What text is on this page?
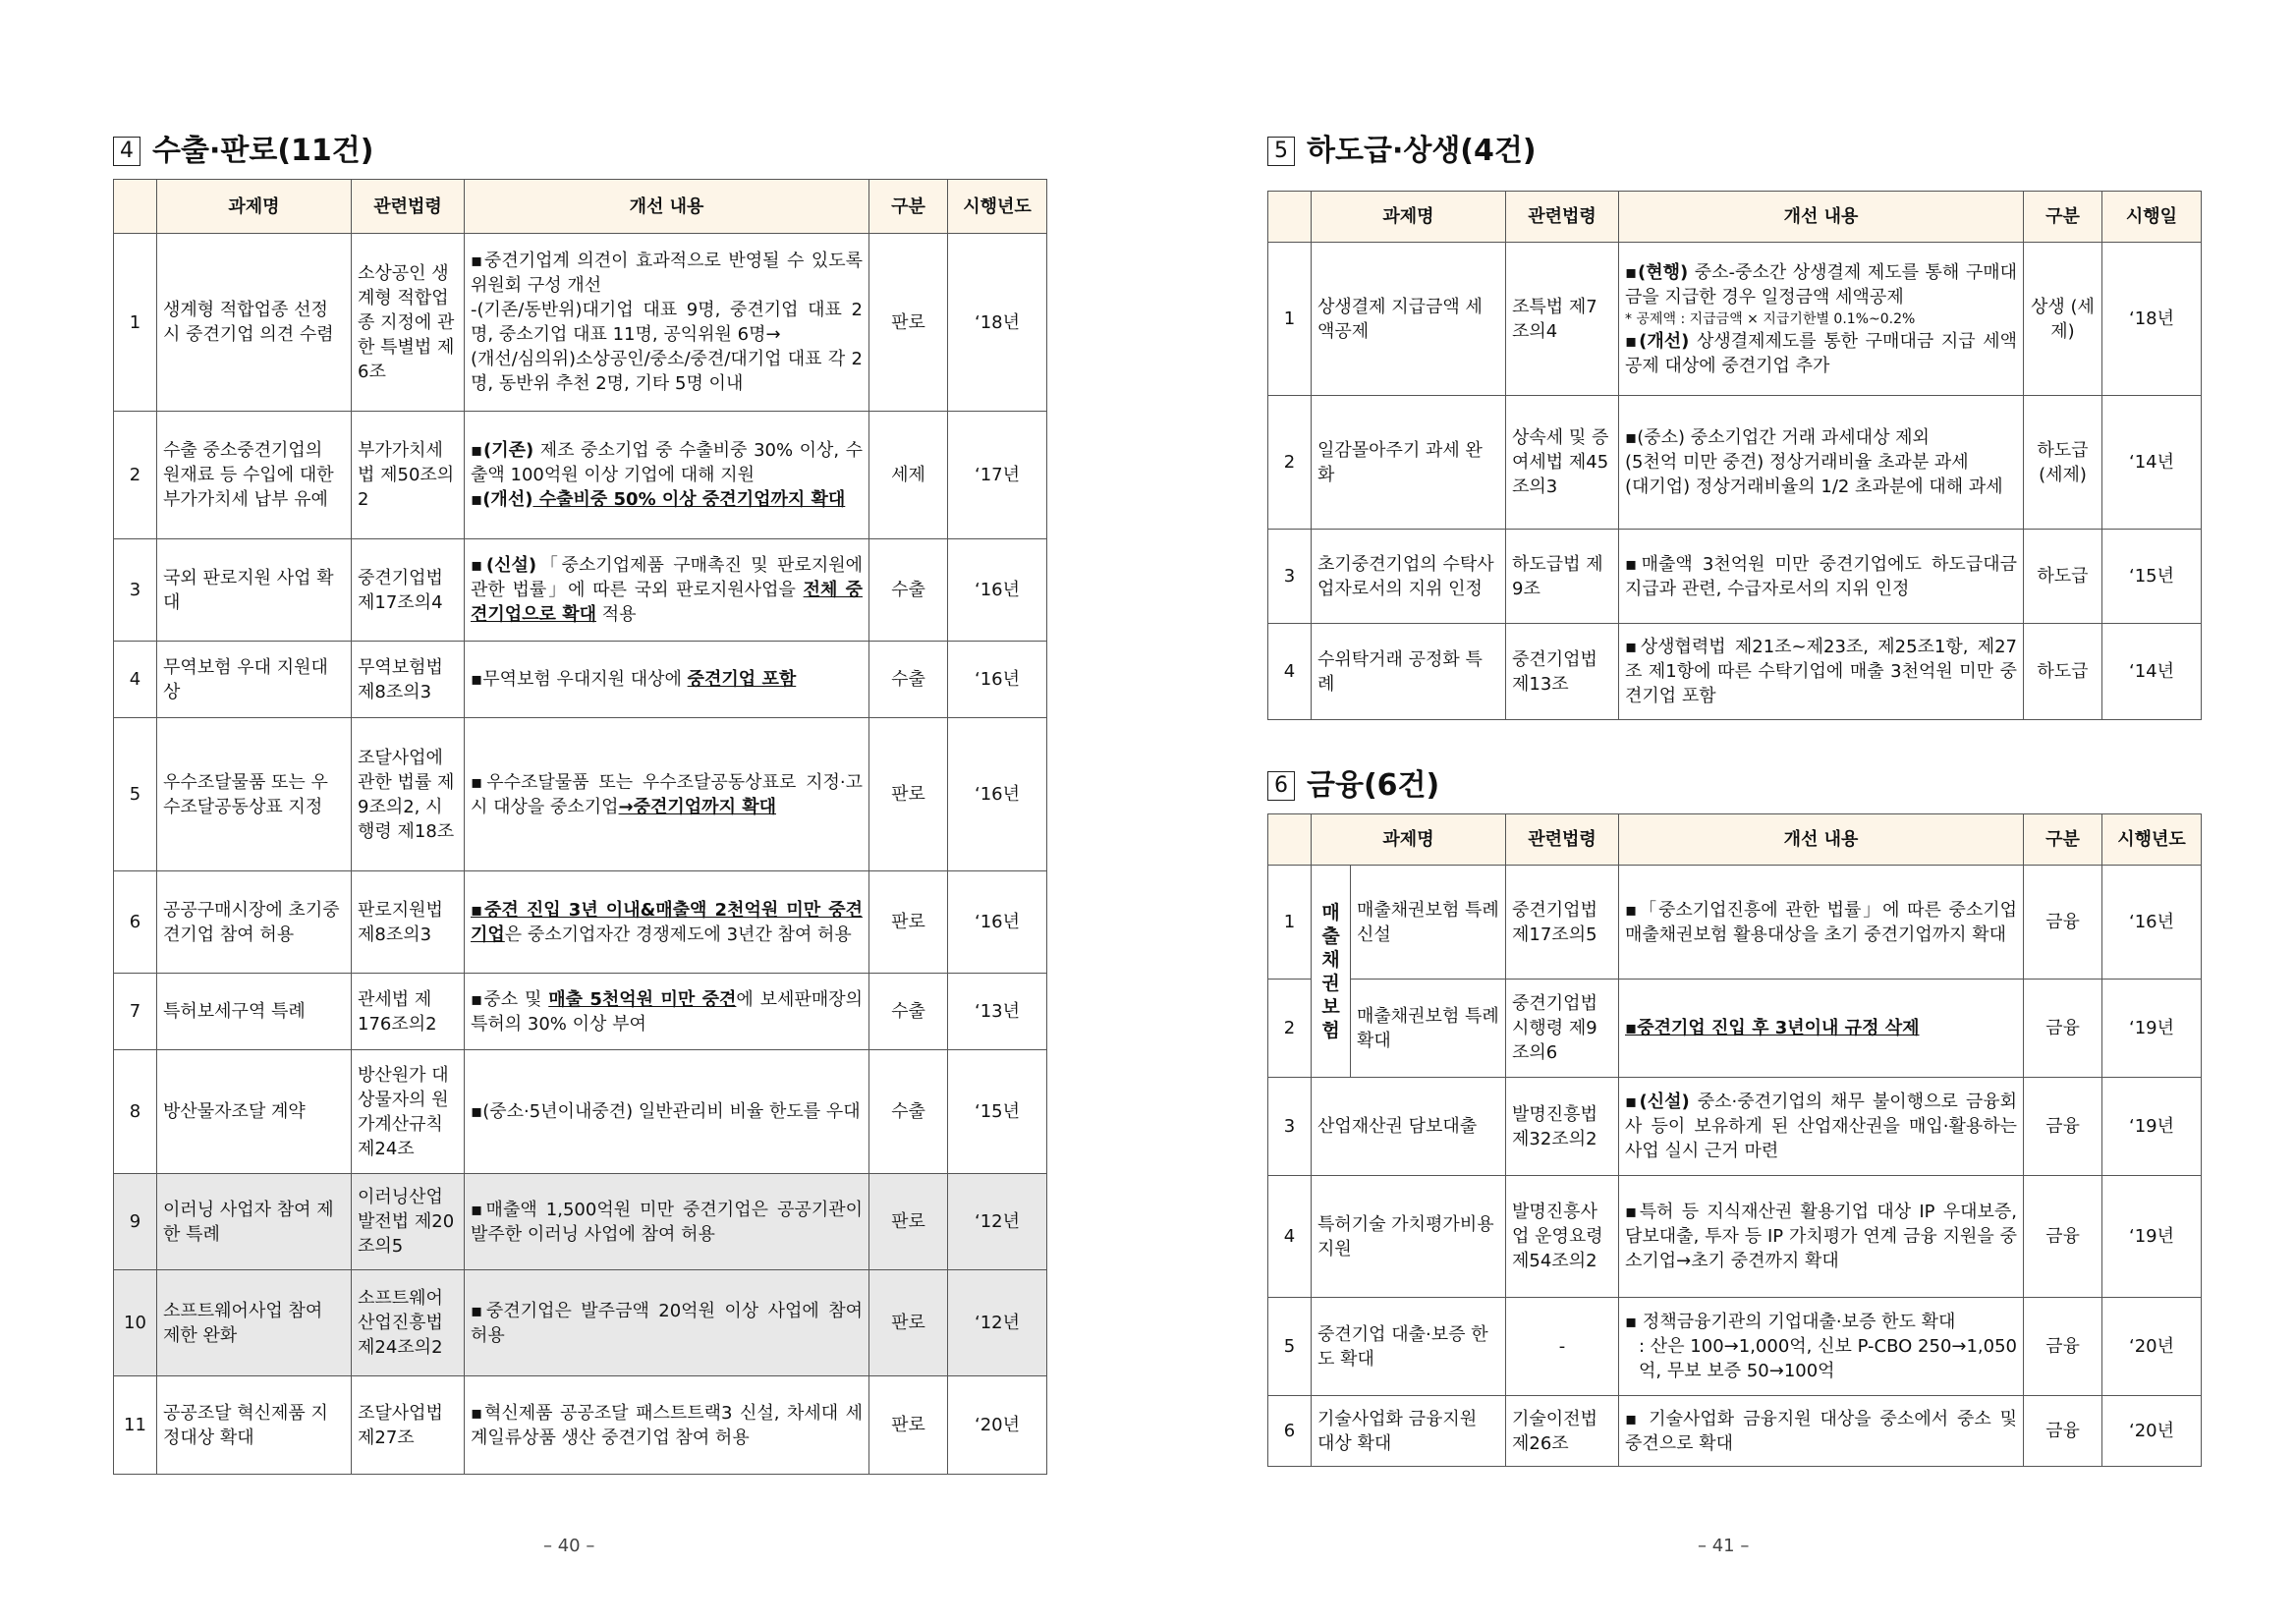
4 수출·판로(11건)
	과제명	관련법령	개선 내용	구분	시행년도
1	생계형 적합업종 선정 시 중견기업 의견 수렴	소상공인 생계형 적합업종 지정에 관한 특별법 제6조	▪중견기업계 의견이 효과적으로 반영될 수 있도록 위원회 구성 개선
-(기존/동반위)대기업 대표 9명, 중견기업 대표 2명, 중소기업 대표 11명, 공익위원 6명→
(개선/심의위)소상공인/중소/중견/대기업 대표 각 2명, 동반위 추천 2명, 기타 5명 이내	판로	‘18년
2	수출 중소중견기업의 원재료 등 수입에 대한 부가가치세 납부 유예	부가가치세법 제50조의2	▪(기존) 제조 중소기업 중 수출비중 30% 이상, 수출액 100억원 이상 기업에 대해 지원
▪(개선) 수출비중 50% 이상 중견기업까지 확대	세제	‘17년
3	국외 판로지원 사업 확대	중견기업법 제17조의4	▪(신설)「중소기업제품 구매촉진 및 판로지원에 관한 법률」에 따른 국외 판로지원사업을 전체 중견기업으로 확대 적용	수출	‘16년
4	무역보험 우대 지원대상	무역보험법 제8조의3	▪무역보험 우대지원 대상에 중견기업 포함	수출	‘16년
5	우수조달물품 또는 우수조달공동상표 지정	조달사업에 관한 법률 제9조의2, 시행령 제18조	▪우수조달물품 또는 우수조달공동상표로 지정·고시 대상을 중소기업→중견기업까지 확대	판로	‘16년
6	공공구매시장에 초기중견기업 참여 허용	판로지원법 제8조의3	▪중견 진입 3년 이내&매출액 2천억원 미만 중견기업은 중소기업자간 경쟁제도에 3년간 참여 허용	판로	‘16년
7	특허보세구역 특례	관세법 제176조의2	▪중소 및 매출 5천억원 미만 중견에 보세판매장의 특허의 30% 이상 부여	수출	‘13년
8	방산물자조달 계약	방산원가 대상물자의 원가계산규칙 제24조	▪(중소·5년이내중견) 일반관리비 비율 한도를 우대	수출	‘15년
9	이러닝 사업자 참여 제한 특례	이러닝산업발전법 제20조의5	▪매출액 1,500억원 미만 중견기업은 공공기관이 발주한 이러닝 사업에 참여 허용	판로	‘12년
10	소프트웨어사업 참여 제한 완화	소프트웨어 산업진흥법 제24조의2	▪중견기업은 발주금액 20억원 이상 사업에 참여 허용	판로	‘12년
11	공공조달 혁신제품 지정대상 확대	조달사업법 제27조	▪혁신제품 공공조달 패스트트랙3 신설, 차세대 세계일류상품 생산 중견기업 참여 허용	판로	‘20년
– 40 –
5 하도급·상생(4건)
	과제명	관련법령	개선 내용	구분	시행일
1	상생결제 지급금액 세액공제	조특법 제7조의4	▪(현행) 중소-중소간 상생결제 제도를 통해 구매대금을 지급한 경우 일정금액 세액공제
* 공제액 : 지급금액 × 지급기한별 0.1%~0.2%
▪(개선) 상생결제제도를 통한 구매대금 지급 세액공제 대상에 중견기업 추가	상생 (세제)	‘18년
2	일감몰아주기 과세 완화	상속세 및 증여세법 제45조의3	▪(중소) 중소기업간 거래 과세대상 제외
(5천억 미만 중견) 정상거래비율 초과분 과세
(대기업) 정상거래비율의 1/2 초과분에 대해 과세	하도급 (세제)	‘14년
3	초기중견기업의 수탁사업자로서의 지위 인정	하도급법 제9조	▪매출액 3천억원 미만 중견기업에도 하도급대금 지급과 관련, 수급자로서의 지위 인정	하도급	‘15년
4	수위탁거래 공정화 특례	중견기업법 제13조	▪상생협력법 제21조~제23조, 제25조1항, 제27조 제1항에 따른 수탁기업에 매출 3천억원 미만 중견기업 포함	하도급	‘14년
6 금융(6건)
	과제명		관련법령	개선 내용	구분	시행년도
1	매출채권보험	매출채권보험 특례 신설	중견기업법 제17조의5	▪「중소기업진흥에 관한 법률」에 따른 중소기업매출채권보험 활용대상을 초기 중견기업까지 확대	금융	‘16년
2		매출채권보험 특례 확대	중견기업법 시행령 제9조의6	▪중견기업 진입 후 3년이내 규정 삭제	금융	‘19년
3	산업재산권 담보대출		발명진흥법 제32조의2	▪(신설) 중소·중견기업의 채무 불이행으로 금융회사 등이 보유하게 된 산업재산권을 매입·활용하는 사업 실시 근거 마련	금융	‘19년
4	특허기술 가치평가비용 지원		발명진흥사업 운영요령 제54조의2	▪특허 등 지식재산권 활용기업 대상 IP 우대보증, 담보대출, 투자 등 IP 가치평가 연계 금융 지원을 중소기업→초기 중견까지 확대	금융	‘19년
5	중견기업 대출·보증 한도 확대		-	▪ 정책금융기관의 기업대출·보증 한도 확대
: 산은 100→1,000억, 신보 P-CBO 250→1,050억, 무보 보증 50→100억	금융	‘20년
6	기술사업화 금융지원 대상 확대		기술이전법 제26조	▪ 기술사업화 금융지원 대상을 중소에서 중소 및 중견으로 확대	금융	‘20년
– 41 –
